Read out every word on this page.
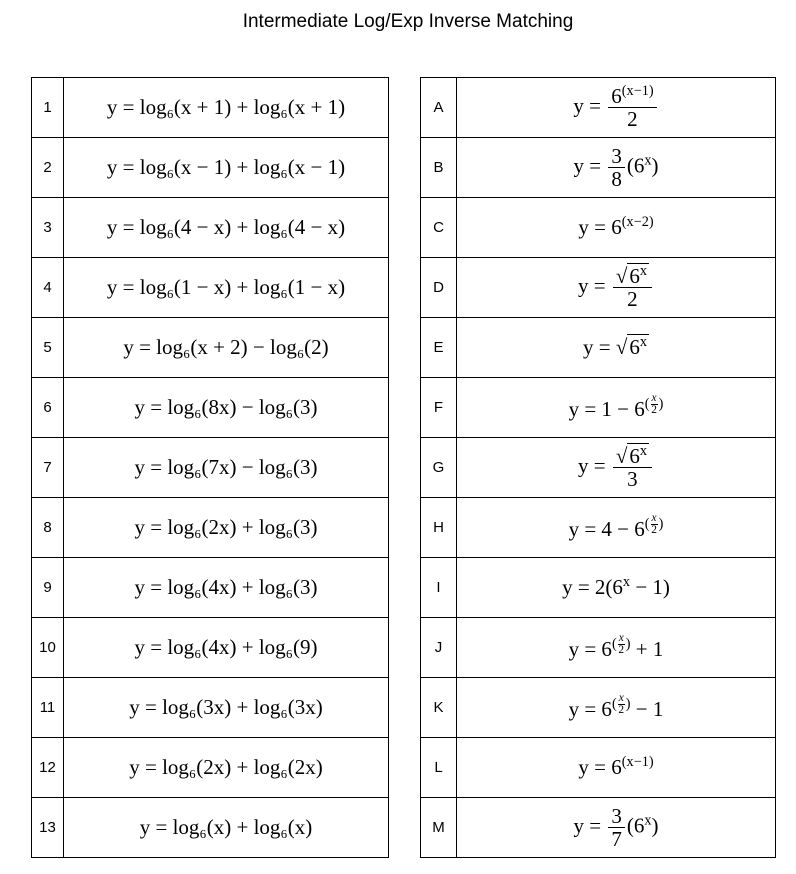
Intermediate Log/Exp Inverse Matching
1	y = log₆(x + 1) + log₆(x + 1)
2	y = log₆(x − 1) + log₆(x − 1)
3	y = log₆(4 − x) + log₆(4 − x)
4	y = log₆(1 − x) + log₆(1 − x)
5	y = log₆(x + 2) − log₆(2)
6	y = log₆(8x) − log₆(3)
7	y = log₆(7x) − log₆(3)
8	y = log₆(2x) + log₆(3)
9	y = log₆(4x) + log₆(3)
10	y = log₆(4x) + log₆(9)
11	y = log₆(3x) + log₆(3x)
12	y = log₆(2x) + log₆(2x)
13	y = log₆(x) + log₆(x)
A	$y = \frac{6^{(x-1)}}{2}$

B	$y = \frac{3}{8} (6^x)$
C	$y = 6^{(x-2)}$
D	$y = \frac{√6^x}{2}$

E	$y = √6^x$
F	$y = 1 - 6^{( \frac{x}{2} )}$
G	$y = \frac{√6^x}{3}$

H	$y = 4 - 6^{( \frac{x}{2} )}$
I	$y = 2(6^x - 1)$
J	$y = 6^{( \frac{x}{2} )} + 1$
K	$y = 6^{( \frac{x}{2} )} - 1$
L	$y = 6^{(x-1)}$
M	$y = \frac{3}{7} (6^x)$
